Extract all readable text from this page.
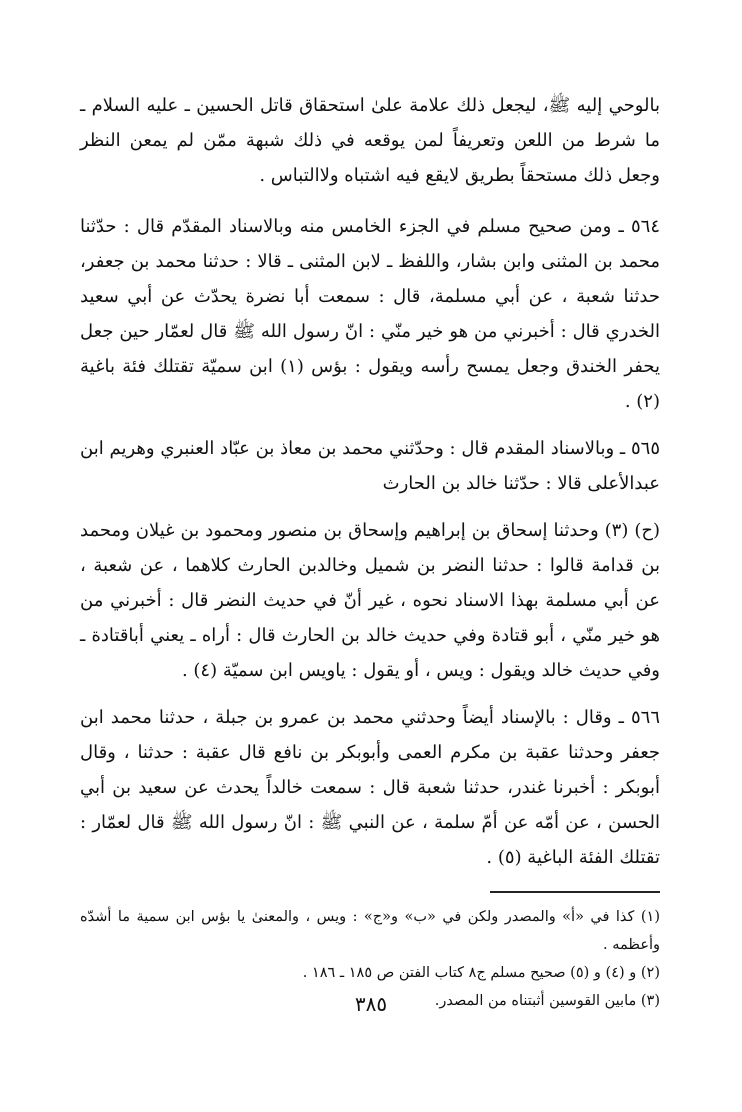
بالوحي إليه ﷺ، ليجعل ذلك علامة علىٰ استحقاق قاتل الحسين ـ عليه السلام ـ ما شرط من اللعن وتعريفاً لمن يوقعه في ذلك شبهة ممّن لم يمعن النظر وجعل ذلك مستحقاً بطريق لايقع فيه اشتباه ولاالتباس .

٥٦٤ ـ ومن صحيح مسلم في الجزء الخامس منه وبالاسناد المقدّم قال : حدّثنا محمد بن المثنى وابن بشار، واللفظ ـ لابن المثنى ـ قالا : حدثنا محمد بن جعفر، حدثنا شعبة ، عن أبي مسلمة، قال : سمعت أبا نضرة يحدّث عن أبي سعيد الخدري قال : أخبرني من هو خير منّي : انّ رسول الله ﷺ قال لعمّار حين جعل يحفر الخندق وجعل يمسح رأسه ويقول : بؤس (١) ابن سميّة تقتلك فئة باغية (٢) .

٥٦٥ ـ وبالاسناد المقدم قال : وحدّثني محمد بن معاذ بن عبّاد العنبري وهريم ابن عبدالأعلى قالا : حدّثنا خالد بن الحارث

(ح) (٣) وحدثنا إسحاق بن إبراهيم وإسحاق بن منصور ومحمود بن غيلان ومحمد بن قدامة قالوا : حدثنا النضر بن شميل وخالدبن الحارث كلاهما ، عن شعبة ، عن أبي مسلمة بهذا الاسناد نحوه ، غير أنّ في حديث النضر قال : أخبرني من هو خير منّي ، أبو قتادة وفي حديث خالد بن الحارث قال : أراه ـ يعني أباقتادة ـ وفي حديث خالد ويقول : ويس ، أو يقول : ياويس ابن سميّة (٤) .

٥٦٦ ـ وقال : بالإسناد أيضاً وحدثني محمد بن عمرو بن جبلة ، حدثنا محمد ابن جعفر وحدثنا عقبة بن مكرم العمى وأبوبكر بن نافع قال عقبة : حدثنا ، وقال أبوبكر : أخبرنا غندر، حدثنا شعبة قال : سمعت خالداً يحدث عن سعيد بن أبي الحسن ، عن أمّه عن أمّ سلمة ، عن النبي ﷺ : انّ رسول الله ﷺ قال لعمّار : تقتلك الفئة الباغية (٥) .

(١) كذا في «أ» والمصدر ولكن في «ب» و«ج» : ويس ، والمعنىٰ يا بؤس ابن سمية ما أشدّه وأعظمه .

(٢) و (٤) و (٥) صحيح مسلم ج٨ كتاب الفتن ص ١٨٥ ـ ١٨٦ .

(٣) مابين القوسين أثبتناه من المصدر.

٣٨٥
